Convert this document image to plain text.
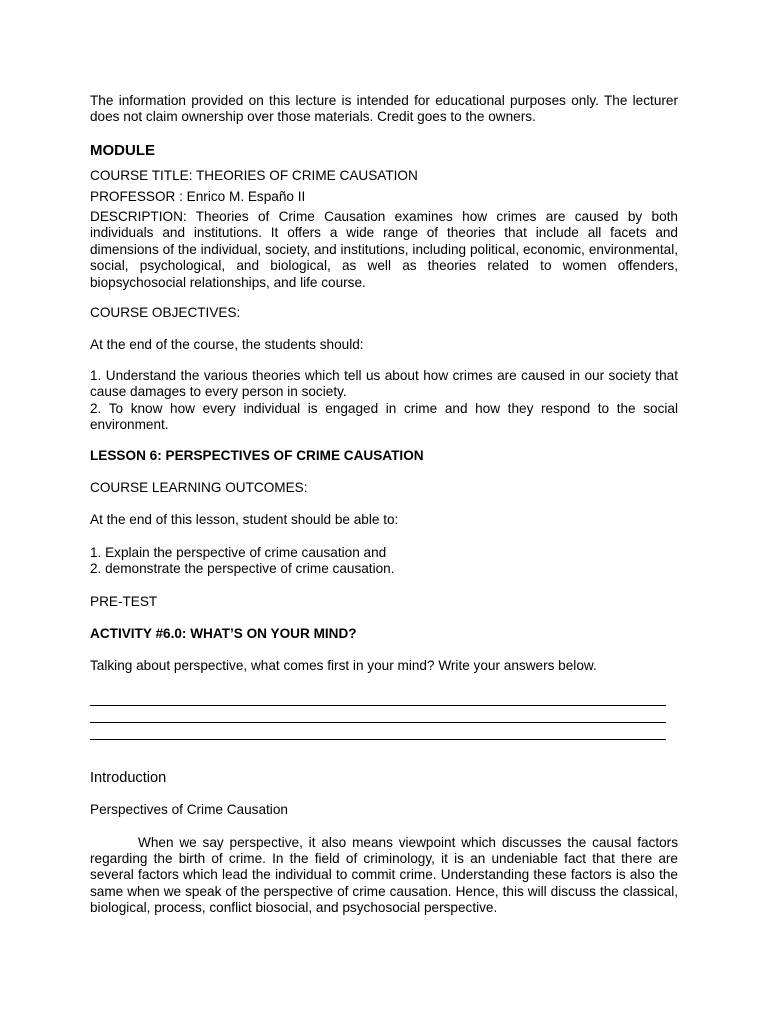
The information provided on this lecture is intended for educational purposes only. The lecturer does not claim ownership over those materials. Credit goes to the owners.

MODULE

COURSE TITLE: THEORIES OF CRIME CAUSATION

PROFESSOR : Enrico M. Españo II

DESCRIPTION: Theories of Crime Causation examines how crimes are caused by both individuals and institutions. It offers a wide range of theories that include all facets and dimensions of the individual, society, and institutions, including political, economic, environmental, social, psychological, and biological, as well as theories related to women offenders, biopsychosocial relationships, and life course.

COURSE OBJECTIVES:

At the end of the course, the students should:

1. Understand the various theories which tell us about how crimes are caused in our society that cause damages to every person in society.

2. To know how every individual is engaged in crime and how they respond to the social environment.

LESSON 6: PERSPECTIVES OF CRIME CAUSATION

COURSE LEARNING OUTCOMES:

At the end of this lesson, student should be able to:

1. Explain the perspective of crime causation and

2. demonstrate the perspective of crime causation.

PRE-TEST

ACTIVITY #6.0: WHAT’S ON YOUR MIND?

Talking about perspective, what comes first in your mind? Write your answers below.

Introduction

Perspectives of Crime Causation

When we say perspective, it also means viewpoint which discusses the causal factors regarding the birth of crime. In the field of criminology, it is an undeniable fact that there are several factors which lead the individual to commit crime. Understanding these factors is also the same when we speak of the perspective of crime causation. Hence, this will discuss the classical, biological, process, conflict biosocial, and psychosocial perspective.
